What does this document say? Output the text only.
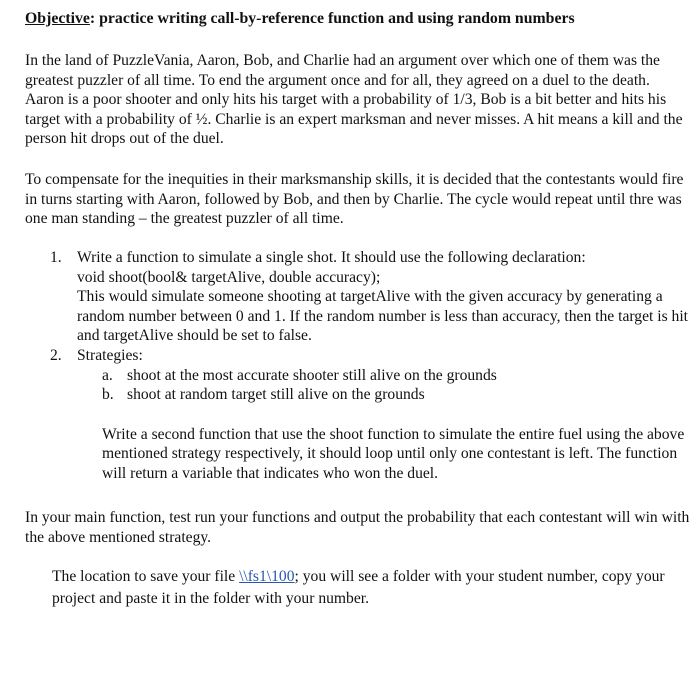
Objective: practice writing call-by-reference function and using random numbers

In the land of PuzzleVania, Aaron, Bob, and Charlie had an argument over which one of them was the greatest puzzler of all time. To end the argument once and for all, they agreed on a duel to the death. Aaron is a poor shooter and only hits his target with a probability of 1/3, Bob is a bit better and hits his target with a probability of ½. Charlie is an expert marksman and never misses. A hit means a kill and the person hit drops out of the duel.

To compensate for the inequities in their marksmanship skills, it is decided that the contestants would fire in turns starting with Aaron, followed by Bob, and then by Charlie. The cycle would repeat until thre was one man standing – the greatest puzzler of all time.

1. Write a function to simulate a single shot. It should use the following declaration:
void shoot(bool& targetAlive, double accuracy);
This would simulate someone shooting at targetAlive with the given accuracy by generating a random number between 0 and 1. If the random number is less than accuracy, then the target is hit and targetAlive should be set to false.
2. Strategies:
a. shoot at the most accurate shooter still alive on the grounds
b. shoot at random target still alive on the grounds
Write a second function that use the shoot function to simulate the entire fuel using the above mentioned strategy respectively, it should loop until only one contestant is left. The function will return a variable that indicates who won the duel.

In your main function, test run your functions and output the probability that each contestant will win with the above mentioned strategy.

The location to save your file \\fs1\100; you will see a folder with your student number, copy your project and paste it in the folder with your number.
